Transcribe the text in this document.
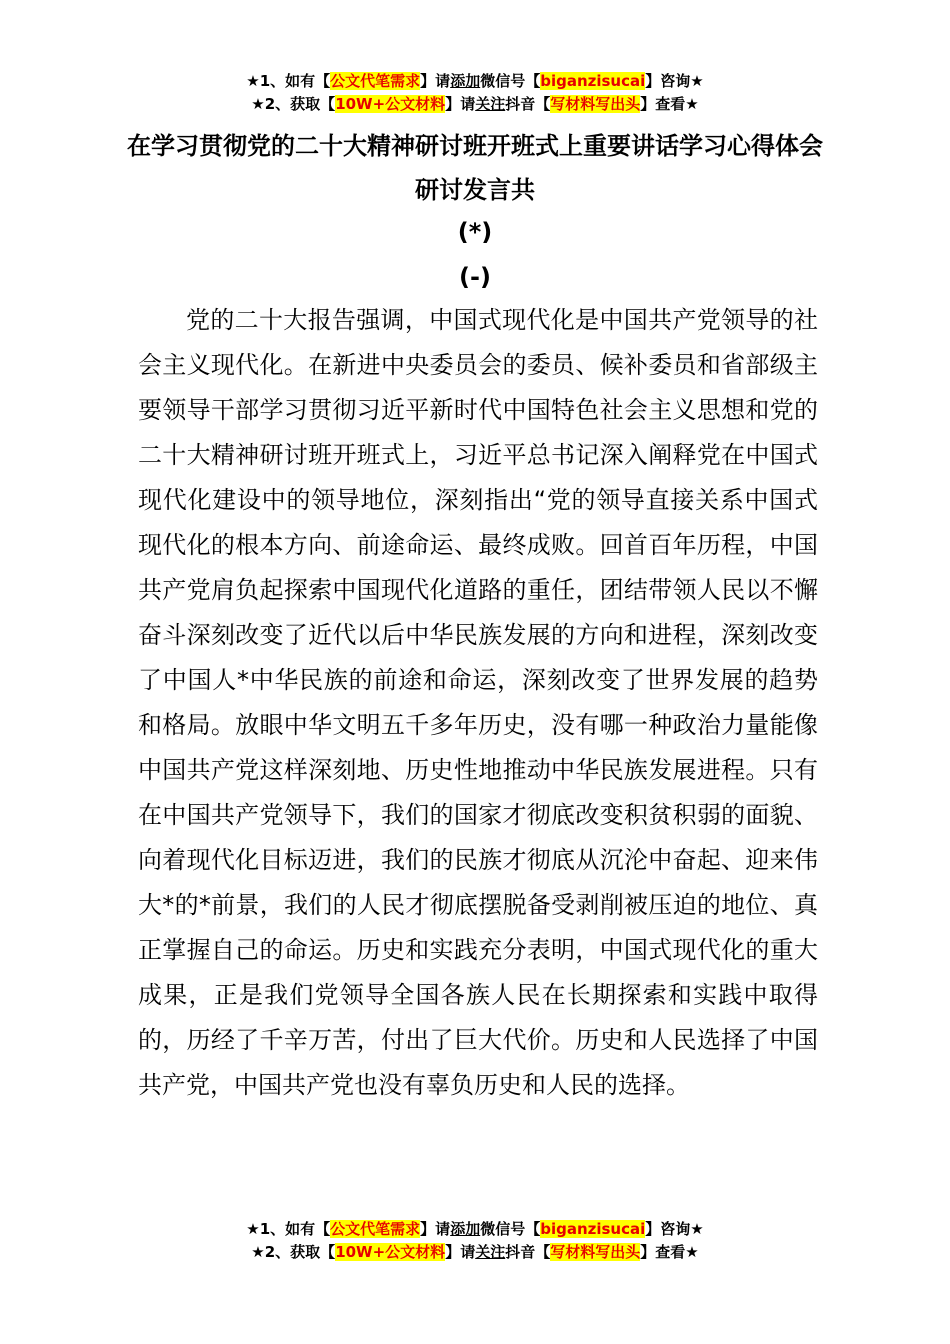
★1、如有【公文代笔需求】请添加微信号【biganzisucai】咨询★
★2、获取【10W+公文材料】请关注抖音【写材料写出头】查看★
在学习贯彻党的二十大精神研讨班开班式上重要讲话学习心得体会研讨发言共
(*)
(-)

党的二十大报告强调，中国式现代化是中国共产党领导的社会主义现代化。在新进中央委员会的委员、候补委员和省部级主要领导干部学习贯彻习近平新时代中国特色社会主义思想和党的二十大精神研讨班开班式上，习近平总书记深入阐释党在中国式现代化建设中的领导地位，深刻指出“党的领导直接关系中国式现代化的根本方向、前途命运、最终成败。回首百年历程，中国共产党肩负起探索中国现代化道路的重任，团结带领人民以不懈奋斗深刻改变了近代以后中华民族发展的方向和进程，深刻改变了中国人*中华民族的前途和命运，深刻改变了世界发展的趋势和格局。放眼中华文明五千多年历史，没有哪一种政治力量能像中国共产党这样深刻地、历史性地推动中华民族发展进程。只有在中国共产党领导下，我们的国家才彻底改变积贫积弱的面貌、向着现代化目标迈进，我们的民族才彻底从沉沦中奋起、迎来伟大*的*前景，我们的人民才彻底摆脱备受剥削被压迫的地位、真正掌握自己的命运。历史和实践充分表明，中国式现代化的重大成果，正是我们党领导全国各族人民在长期探索和实践中取得的，历经了千辛万苦，付出了巨大代价。历史和人民选择了中国共产党，中国共产党也没有辜负历史和人民的选择。

★1、如有【公文代笔需求】请添加微信号【biganzisucai】咨询★
★2、获取【10W+公文材料】请关注抖音【写材料写出头】查看★
